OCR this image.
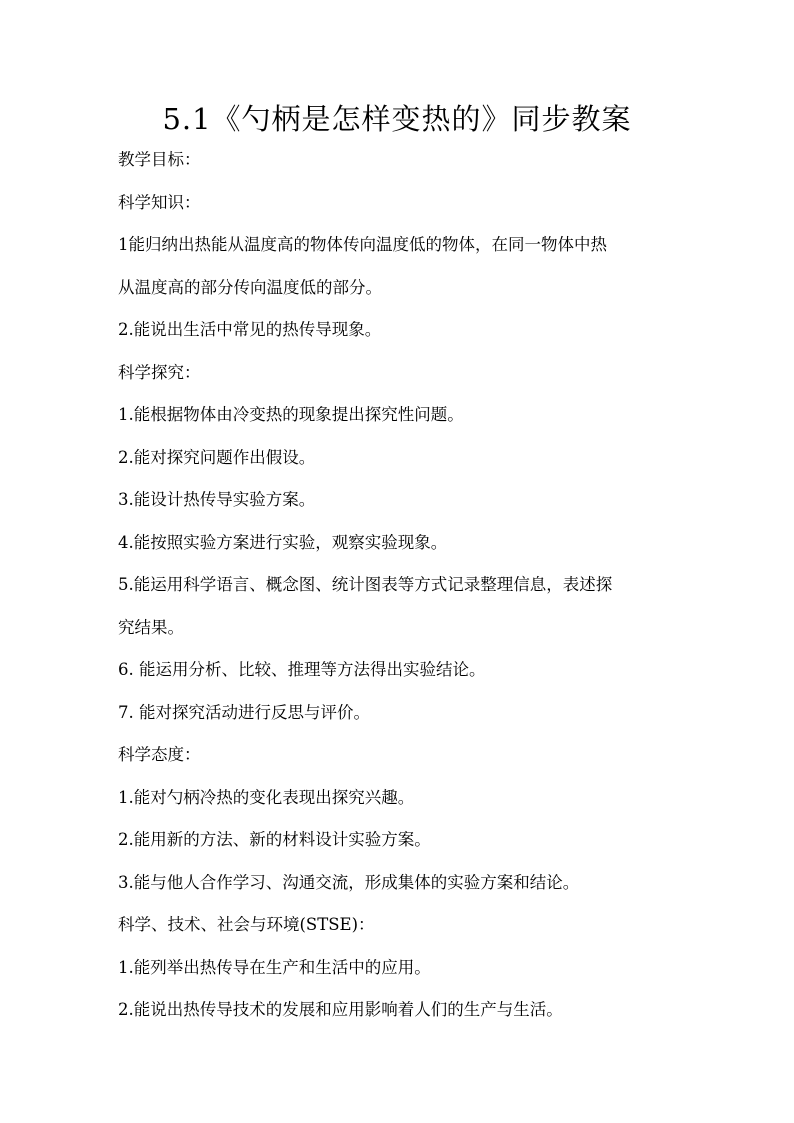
5.1《勺柄是怎样变热的》同步教案
教学目标：
科学知识：
1能归纳出热能从温度高的物体传向温度低的物体，在同一物体中热
从温度高的部分传向温度低的部分。
2.能说出生活中常见的热传导现象。
科学探究：
1.能根据物体由冷变热的现象提出探究性问题。
2.能对探究问题作出假设。
3.能设计热传导实验方案。
4.能按照实验方案进行实验，观察实验现象。
5.能运用科学语言、概念图、统计图表等方式记录整理信息，表述探
究结果。
6. 能运用分析、比较、推理等方法得出实验结论。
7. 能对探究活动进行反思与评价。
科学态度：
1.能对勺柄冷热的变化表现出探究兴趣。
2.能用新的方法、新的材料设计实验方案。
3.能与他人合作学习、沟通交流，形成集体的实验方案和结论。
科学、技术、社会与环境(STSE)：
1.能列举出热传导在生产和生活中的应用。
2.能说出热传导技术的发展和应用影响着人们的生产与生活。
